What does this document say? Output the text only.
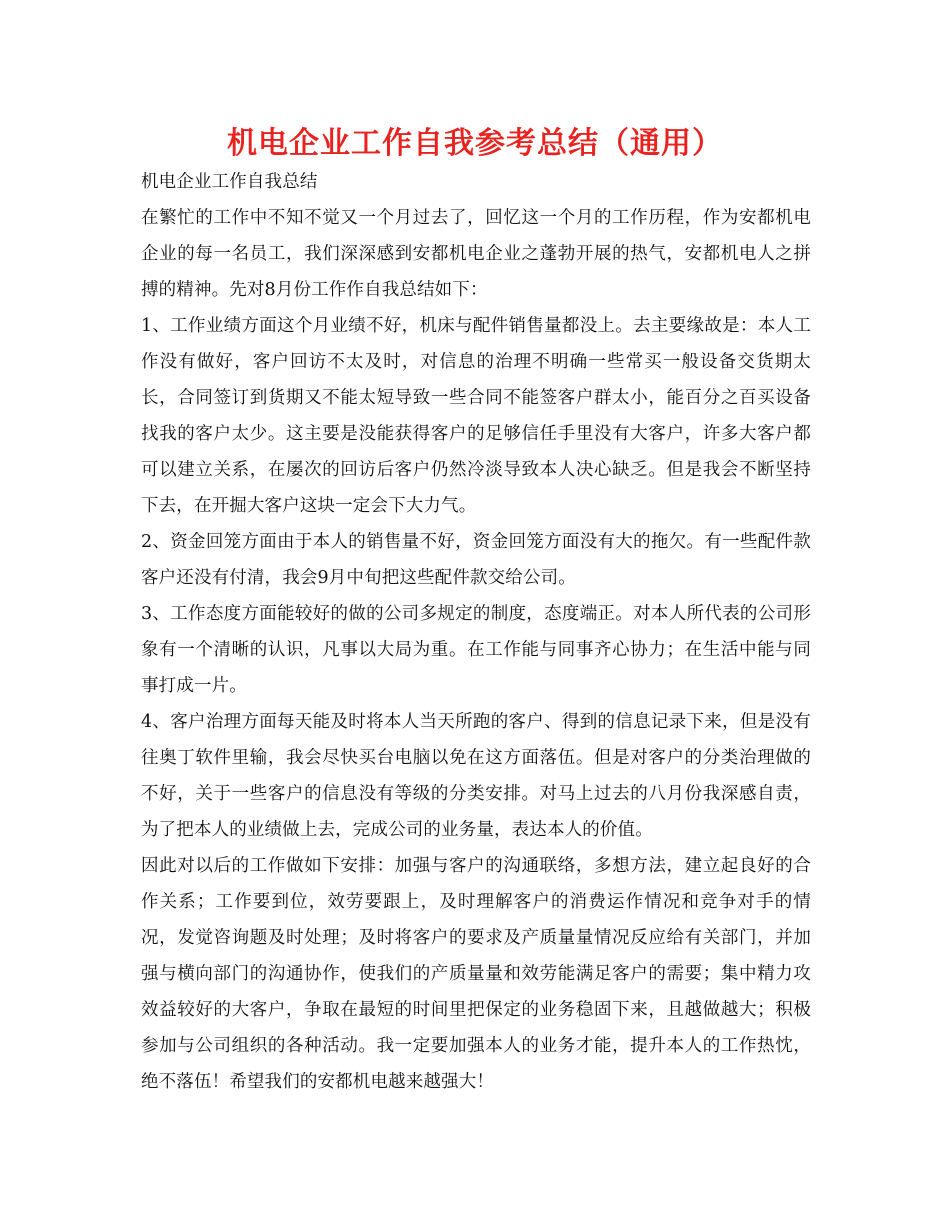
机电企业工作自我参考总结（通用）

机电企业工作自我总结

在繁忙的工作中不知不觉又一个月过去了，回忆这一个月的工作历程，作为安都机电企业的每一名员工，我们深深感到安都机电企业之蓬勃开展的热气，安都机电人之拼搏的精神。先对8月份工作作自我总结如下：

1、工作业绩方面这个月业绩不好，机床与配件销售量都没上。去主要缘故是：本人工作没有做好，客户回访不太及时，对信息的治理不明确一些常买一般设备交货期太长，合同签订到货期又不能太短导致一些合同不能签客户群太小，能百分之百买设备找我的客户太少。这主要是没能获得客户的足够信任手里没有大客户，许多大客户都可以建立关系，在屡次的回访后客户仍然冷淡导致本人决心缺乏。但是我会不断坚持下去，在开掘大客户这块一定会下大力气。

2、资金回笼方面由于本人的销售量不好，资金回笼方面没有大的拖欠。有一些配件款客户还没有付清，我会9月中旬把这些配件款交给公司。

3、工作态度方面能较好的做的公司多规定的制度，态度端正。对本人所代表的公司形象有一个清晰的认识，凡事以大局为重。在工作能与同事齐心协力；在生活中能与同事打成一片。

4、客户治理方面每天能及时将本人当天所跑的客户、得到的信息记录下来，但是没有往奥丁软件里输，我会尽快买台电脑以免在这方面落伍。但是对客户的分类治理做的不好，关于一些客户的信息没有等级的分类安排。对马上过去的八月份我深感自责，为了把本人的业绩做上去，完成公司的业务量，表达本人的价值。

因此对以后的工作做如下安排：加强与客户的沟通联络，多想方法，建立起良好的合作关系；工作要到位，效劳要跟上，及时理解客户的消费运作情况和竞争对手的情况，发觉咨询题及时处理；及时将客户的要求及产质量量情况反应给有关部门，并加强与横向部门的沟通协作，使我们的产质量量和效劳能满足客户的需要；集中精力攻效益较好的大客户，争取在最短的时间里把保定的业务稳固下来，且越做越大；积极参加与公司组织的各种活动。我一定要加强本人的业务才能，提升本人的工作热忱，绝不落伍！希望我们的安都机电越来越强大！
